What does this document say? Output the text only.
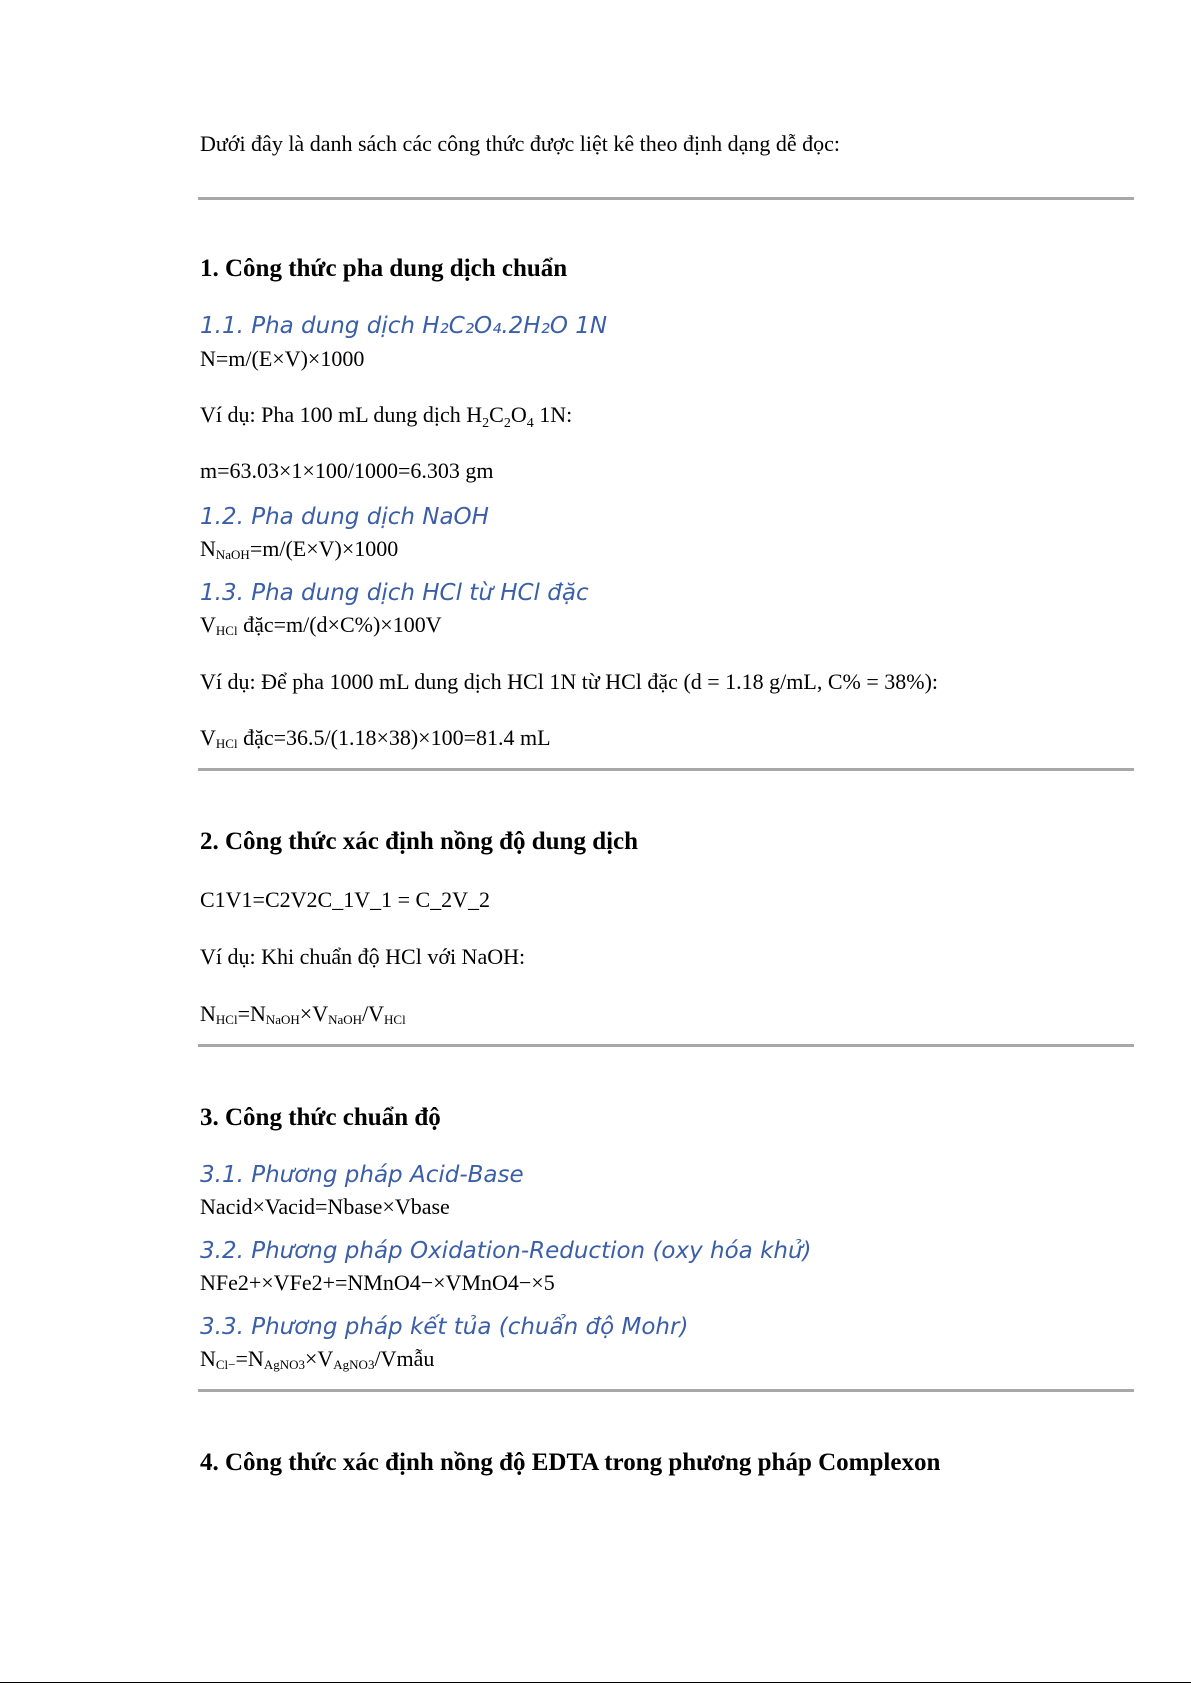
Dưới đây là danh sách các công thức được liệt kê theo định dạng dễ đọc:
1. Công thức pha dung dịch chuẩn
1.1. Pha dung dịch H₂C₂O₄.2H₂O 1N
N=m/(E×V)×1000
Ví dụ: Pha 100 mL dung dịch $H_2C_2O_4$ 1N:
m=63.03×1×100/1000=6.303 gm
1.2. Pha dung dịch NaOH
NNaOH=m/(E×V)×1000
1.3. Pha dung dịch HCl từ HCl đặc
VHCl đặc=m/(d×C%)×100V
Ví dụ: Để pha 1000 mL dung dịch HCl 1N từ HCl đặc (d = 1.18 g/mL, C% = 38%):
VHCl đặc=36.5/(1.18×38)×100=81.4 mL
2. Công thức xác định nồng độ dung dịch
C1V1=C2V2C_1V_1 = C_2V_2
Ví dụ: Khi chuẩn độ HCl với NaOH:
NHCl=NNaOH×VNaOH/VHCl
3. Công thức chuẩn độ
3.1. Phương pháp Acid-Base
Nacid×Vacid=Nbase×Vbase
3.2. Phương pháp Oxidation-Reduction (oxy hóa khử)
NFe2+×VFe2+=NMnO4−×VMnO4−×5
3.3. Phương pháp kết tủa (chuẩn độ Mohr)
NCl−=NAgNO3×VAgNO3/Vmẫu
4. Công thức xác định nồng độ EDTA trong phương pháp Complexon
